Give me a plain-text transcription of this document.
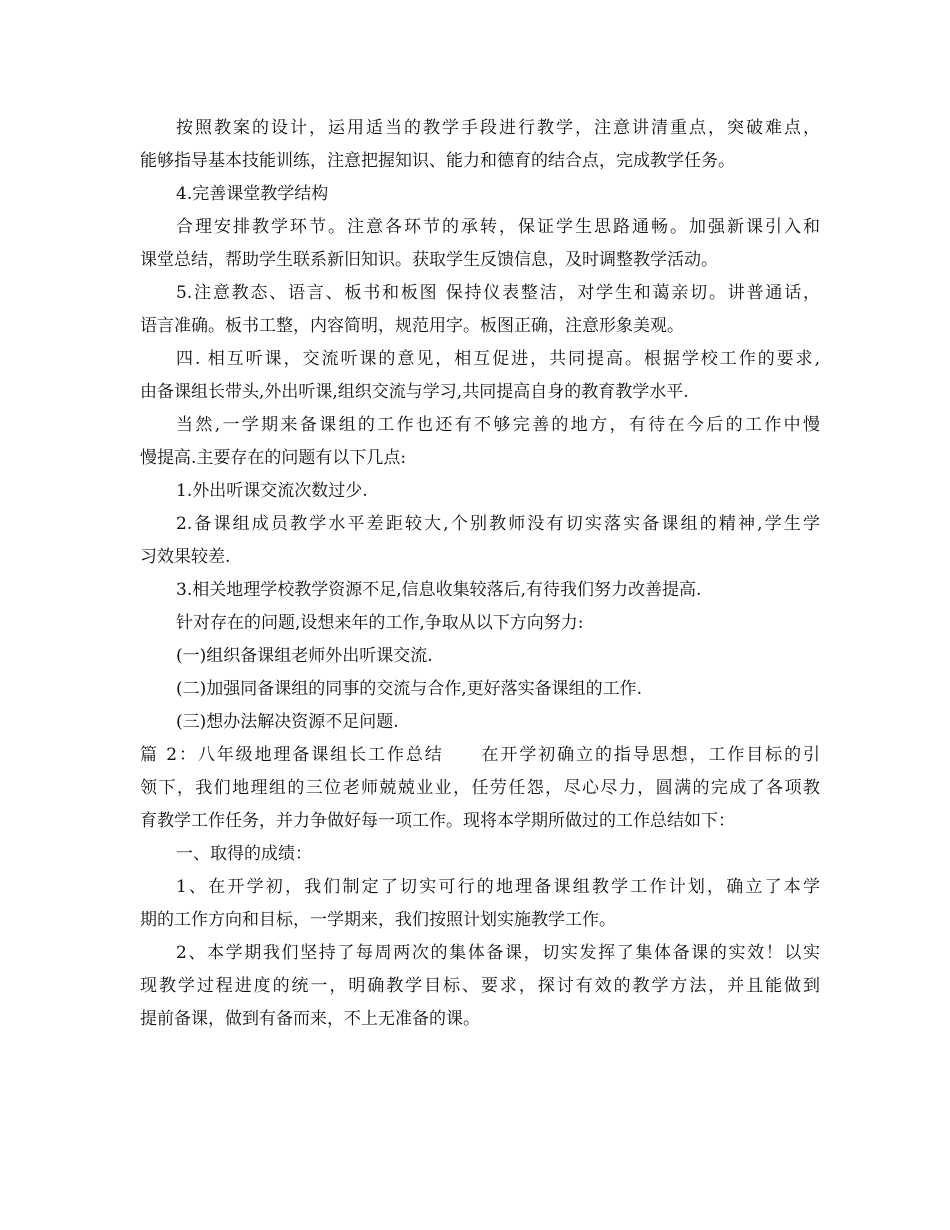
按照教案的设计，运用适当的教学手段进行教学，注意讲清重点，突破难点，
能够指导基本技能训练，注意把握知识、能力和德育的结合点，完成教学任务。
4.完善课堂教学结构
合理安排教学环节。注意各环节的承转，保证学生思路通畅。加强新课引入和
课堂总结，帮助学生联系新旧知识。获取学生反馈信息，及时调整教学活动。
5.注意教态、语言、板书和板图 保持仪表整洁，对学生和蔼亲切。讲普通话，
语言准确。板书工整，内容简明，规范用字。板图正确，注意形象美观。
四. 相互听课，交流听课的意见，相互促进，共同提高。根据学校工作的要求,
由备课组长带头,外出听课,组织交流与学习,共同提高自身的教育教学水平.
当然,一学期来备课组的工作也还有不够完善的地方，有待在今后的工作中慢
慢提高.主要存在的问题有以下几点:
1.外出听课交流次数过少.
2.备课组成员教学水平差距较大,个别教师没有切实落实备课组的精神,学生学
习效果较差.
3.相关地理学校教学资源不足,信息收集较落后,有待我们努力改善提高.
针对存在的问题,设想来年的工作,争取从以下方向努力:
(一)组织备课组老师外出听课交流.
(二)加强同备课组的同事的交流与合作,更好落实备课组的工作.
(三)想办法解决资源不足问题.
篇 2：八年级地理备课组长工作总结　　在开学初确立的指导思想，工作目标的引
领下，我们地理组的三位老师兢兢业业，任劳任怨，尽心尽力，圆满的完成了各项教
育教学工作任务，并力争做好每一项工作。现将本学期所做过的工作总结如下：
一、取得的成绩：
1、在开学初，我们制定了切实可行的地理备课组教学工作计划，确立了本学
期的工作方向和目标，一学期来，我们按照计划实施教学工作。
2、本学期我们坚持了每周两次的集体备课，切实发挥了集体备课的实效！以实
现教学过程进度的统一，明确教学目标、要求，探讨有效的教学方法，并且能做到
提前备课，做到有备而来，不上无准备的课。
